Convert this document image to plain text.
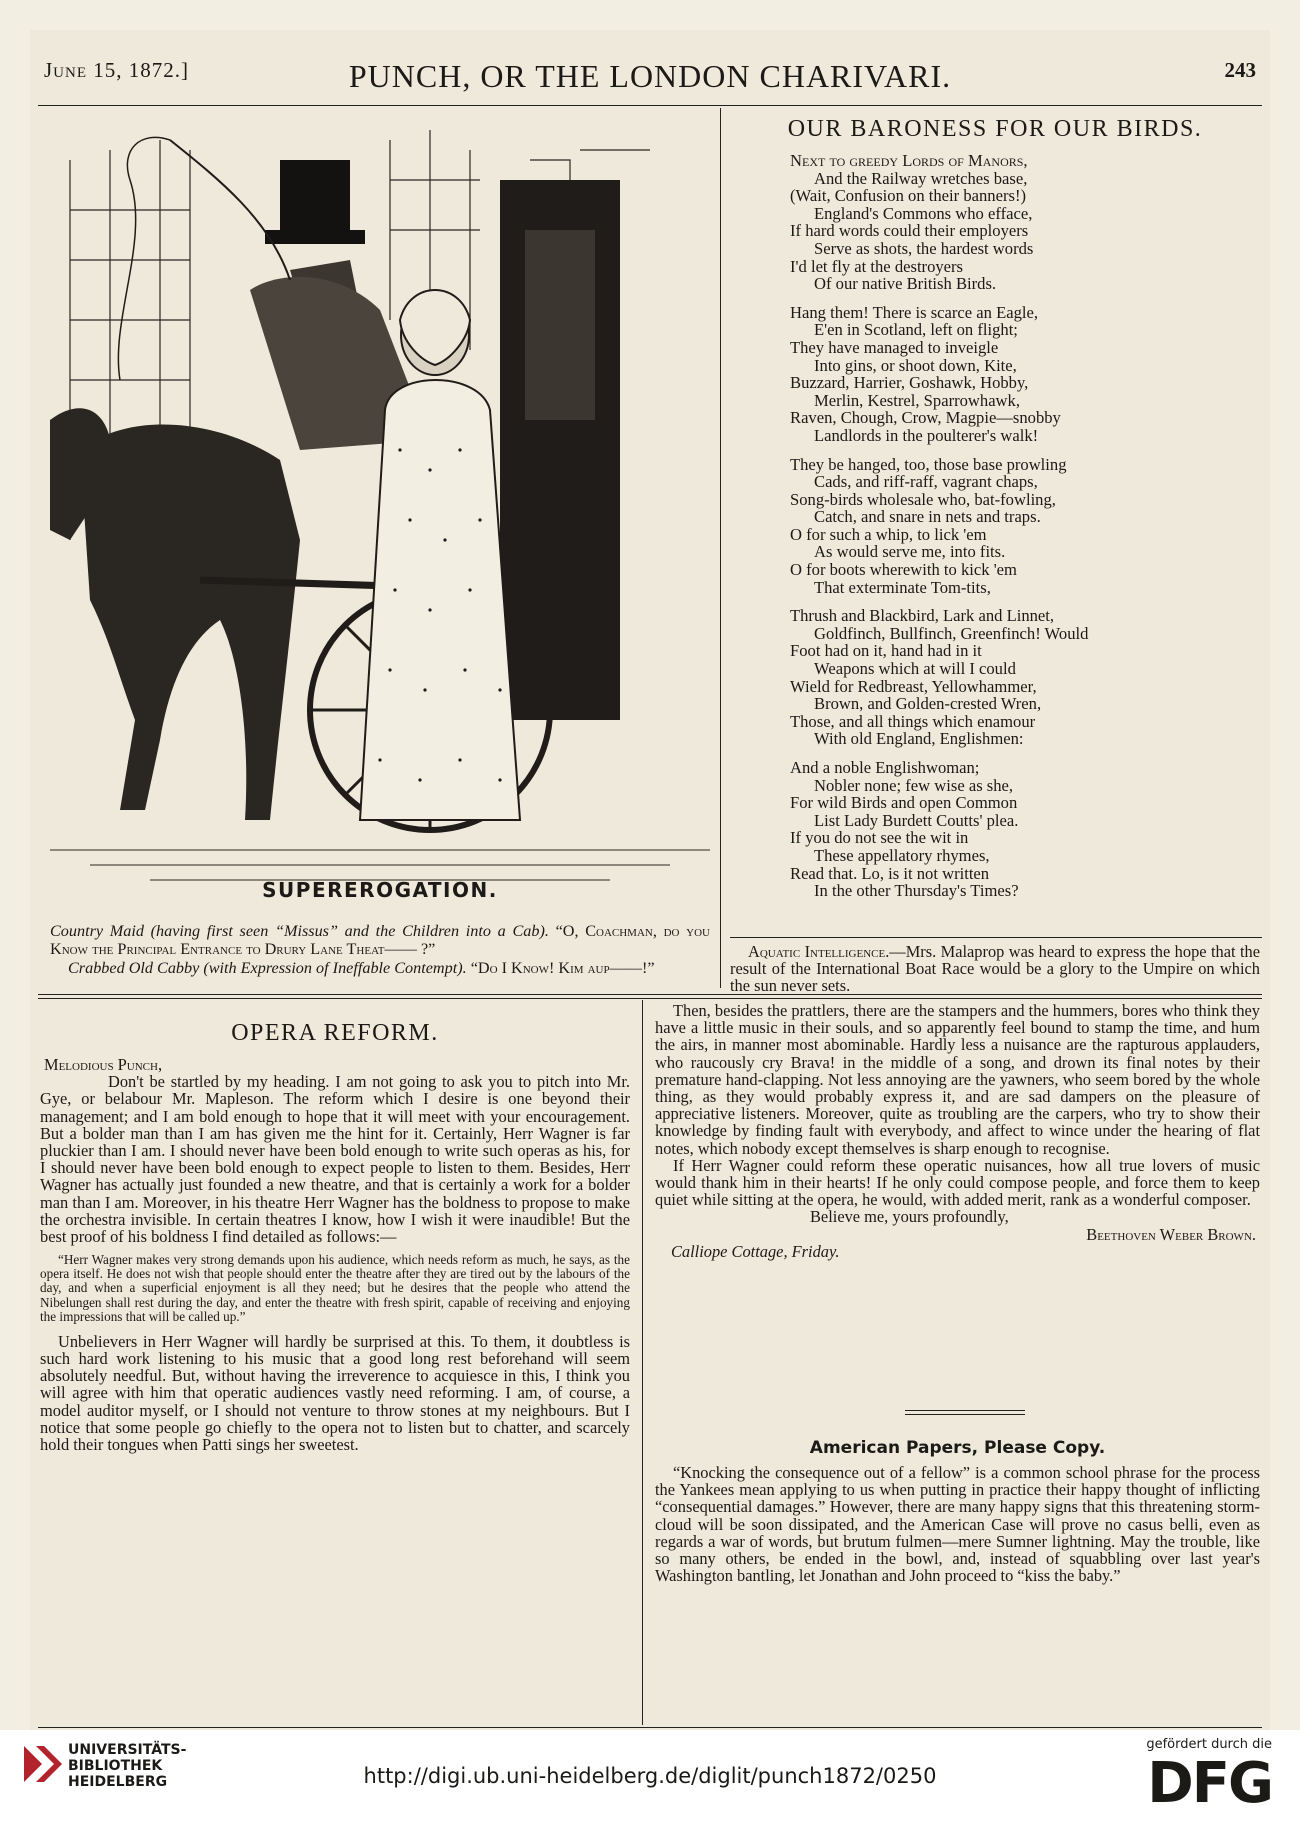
June 15, 1872.]	PUNCH, OR THE LONDON CHARIVARI.	243
SUPEREROGATION.

Country Maid (having first seen “Missus” and the Children into a Cab). “O, Coachman, do you Know the Principal Entrance to Drury Lane Theat—— ?”

Crabbed Old Cabby (with Expression of Ineffable Contempt). “Do I Know! Kim aup——!”

OUR BARONESS FOR OUR BIRDS.
Next to greedy Lords of Manors,
And the Railway wretches base,
(Wait, Confusion on their banners!)
England's Commons who efface,
If hard words could their employers
Serve as shots, the hardest words
I'd let fly at the destroyers
Of our native British Birds.
Hang them! There is scarce an Eagle,
E'en in Scotland, left on flight;
They have managed to inveigle
Into gins, or shoot down, Kite,
Buzzard, Harrier, Goshawk, Hobby,
Merlin, Kestrel, Sparrowhawk,
Raven, Chough, Crow, Magpie—snobby
Landlords in the poulterer's walk!
They be hanged, too, those base prowling
Cads, and riff-raff, vagrant chaps,
Song-birds wholesale who, bat-fowling,
Catch, and snare in nets and traps.
O for such a whip, to lick 'em
As would serve me, into fits.
O for boots wherewith to kick 'em
That exterminate Tom-tits,
Thrush and Blackbird, Lark and Linnet,
Goldfinch, Bullfinch, Greenfinch! Would
Foot had on it, hand had in it
Weapons which at will I could
Wield for Redbreast, Yellowhammer,
Brown, and Golden-crested Wren,
Those, and all things which enamour
With old England, Englishmen:
And a noble Englishwoman;
Nobler none; few wise as she,
For wild Birds and open Common
List Lady Burdett Coutts' plea.
If you do not see the wit in
These appellatory rhymes,
Read that. Lo, is it not written
In the other Thursday's Times?

Aquatic Intelligence.—Mrs. Malaprop was heard to express the hope that the result of the International Boat Race would be a glory to the Umpire on which the sun never sets.

OPERA REFORM.

Melodious Punch,

Don't be startled by my heading. I am not going to ask you to pitch into Mr. Gye, or belabour Mr. Mapleson. The reform which I desire is one beyond their management; and I am bold enough to hope that it will meet with your encouragement. But a bolder man than I am has given me the hint for it. Certainly, Herr Wagner is far pluckier than I am. I should never have been bold enough to write such operas as his, for I should never have been bold enough to expect people to listen to them. Besides, Herr Wagner has actually just founded a new theatre, and that is certainly a work for a bolder man than I am. Moreover, in his theatre Herr Wagner has the boldness to propose to make the orchestra invisible. In certain theatres I know, how I wish it were inaudible! But the best proof of his boldness I find detailed as follows:—

“Herr Wagner makes very strong demands upon his audience, which needs reform as much, he says, as the opera itself. He does not wish that people should enter the theatre after they are tired out by the labours of the day, and when a superficial enjoyment is all they need; but he desires that the people who attend the Nibelungen shall rest during the day, and enter the theatre with fresh spirit, capable of receiving and enjoying the impressions that will be called up.”

Unbelievers in Herr Wagner will hardly be surprised at this. To them, it doubtless is such hard work listening to his music that a good long rest beforehand will seem absolutely needful. But, without having the irreverence to acquiesce in this, I think you will agree with him that operatic audiences vastly need reforming. I am, of course, a model auditor myself, or I should not venture to throw stones at my neighbours. But I notice that some people go chiefly to the opera not to listen but to chatter, and scarcely hold their tongues when Patti sings her sweetest.

Then, besides the prattlers, there are the stampers and the hummers, bores who think they have a little music in their souls, and so apparently feel bound to stamp the time, and hum the airs, in manner most abominable. Hardly less a nuisance are the rapturous applauders, who raucously cry Brava! in the middle of a song, and drown its final notes by their premature hand-clapping. Not less annoying are the yawners, who seem bored by the whole thing, as they would probably express it, and are sad dampers on the pleasure of appreciative listeners. Moreover, quite as troubling are the carpers, who try to show their knowledge by finding fault with everybody, and affect to wince under the hearing of flat notes, which nobody except themselves is sharp enough to recognise.

If Herr Wagner could reform these operatic nuisances, how all true lovers of music would thank him in their hearts! If he only could compose people, and force them to keep quiet while sitting at the opera, he would, with added merit, rank as a wonderful composer.

Believe me, yours profoundly,

Beethoven Weber Brown.

Calliope Cottage, Friday.

American Papers, Please Copy.

“Knocking the consequence out of a fellow” is a common school phrase for the process the Yankees mean applying to us when putting in practice their happy thought of inflicting “consequential damages.” However, there are many happy signs that this threatening storm-cloud will be soon dissipated, and the American Case will prove no casus belli, even as regards a war of words, but brutum fulmen—mere Sumner lightning. May the trouble, like so many others, be ended in the bowl, and, instead of squabbling over last year's Washington bantling, let Jonathan and John proceed to “kiss the baby.”

UNIVERSITÄTS-
BIBLIOTHEK
HEIDELBERG	http://digi.ub.uni-heidelberg.de/diglit/punch1872/0250
gefördert durch die
DFG
